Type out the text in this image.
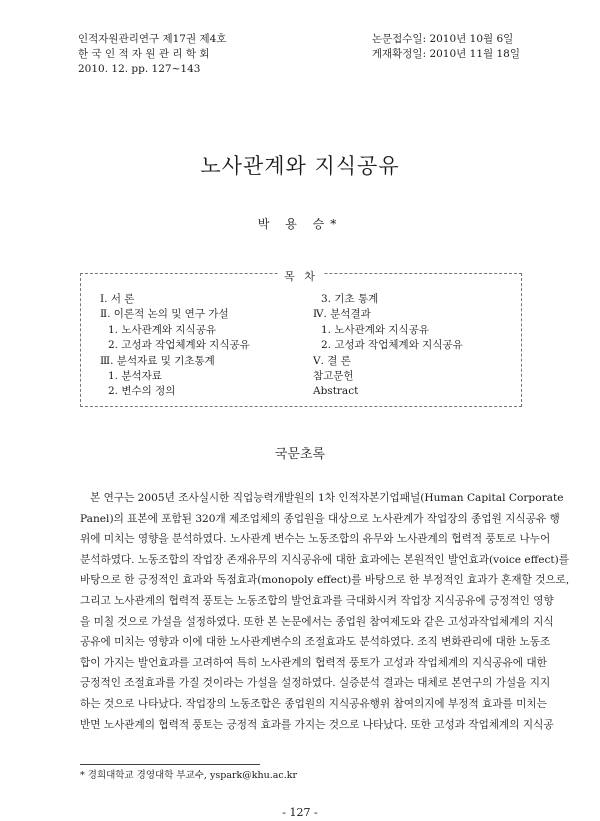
인적자원관리연구 제17권 제4호
한 국 인 적 자 원 관 리 학 회
2010. 12. pp. 127~143
논문접수일: 2010년 10월 6일
게재확정일: 2010년 11월 18일
노사관계와 지식공유
박 용 승*
목 차
Ⅰ. 서 론
Ⅱ. 이론적 논의 및 연구 가설
1. 노사관계와 지식공유
2. 고성과 작업체계와 지식공유
Ⅲ. 분석자료 및 기초통계
1. 분석자료
2. 변수의 정의
3. 기초 통계
Ⅳ. 분석결과
1. 노사관계와 지식공유
2. 고성과 작업체계와 지식공유
Ⅴ. 결 론
참고문헌
Abstract
국문초록
본 연구는 2005년 조사실시한 직업능력개발원의 1차 인적자본기업패널(Human Capital Corporate
Panel)의 표본에 포함된 320개 제조업체의 종업원을 대상으로 노사관계가 작업장의 종업원 지식공유 행
위에 미치는 영향을 분석하였다. 노사관계 변수는 노동조합의 유무와 노사관계의 협력적 풍토로 나누어
분석하였다. 노동조합의 작업장 존재유무의 지식공유에 대한 효과에는 본원적인 발언효과(voice effect)를
바탕으로 한 긍정적인 효과와 독점효과(monopoly effect)를 바탕으로 한 부정적인 효과가 혼재할 것으로,
그리고 노사관계의 협력적 풍토는 노동조합의 발언효과를 극대화시켜 작업장 지식공유에 긍정적인 영향
을 미칠 것으로 가설을 설정하였다. 또한 본 논문에서는 종업원 참여제도와 같은 고성과작업체계의 지식
공유에 미치는 영향과 이에 대한 노사관계변수의 조절효과도 분석하였다. 조직 변화관리에 대한 노동조
합이 가지는 발언효과를 고려하여 특히 노사관계의 협력적 풍토가 고성과 작업체계의 지식공유에 대한
긍정적인 조절효과를 가질 것이라는 가설을 설정하였다. 실증분석 결과는 대체로 본연구의 가설을 지지
하는 것으로 나타났다. 작업장의 노동조합은 종업원의 지식공유행위 참여의지에 부정적 효과를 미치는
반면 노사관계의 협력적 풍토는 긍정적 효과를 가지는 것으로 나타났다. 또한 고성과 작업체계의 지식공
* 경희대학교 경영대학 부교수, yspark@khu.ac.kr
- 127 -
